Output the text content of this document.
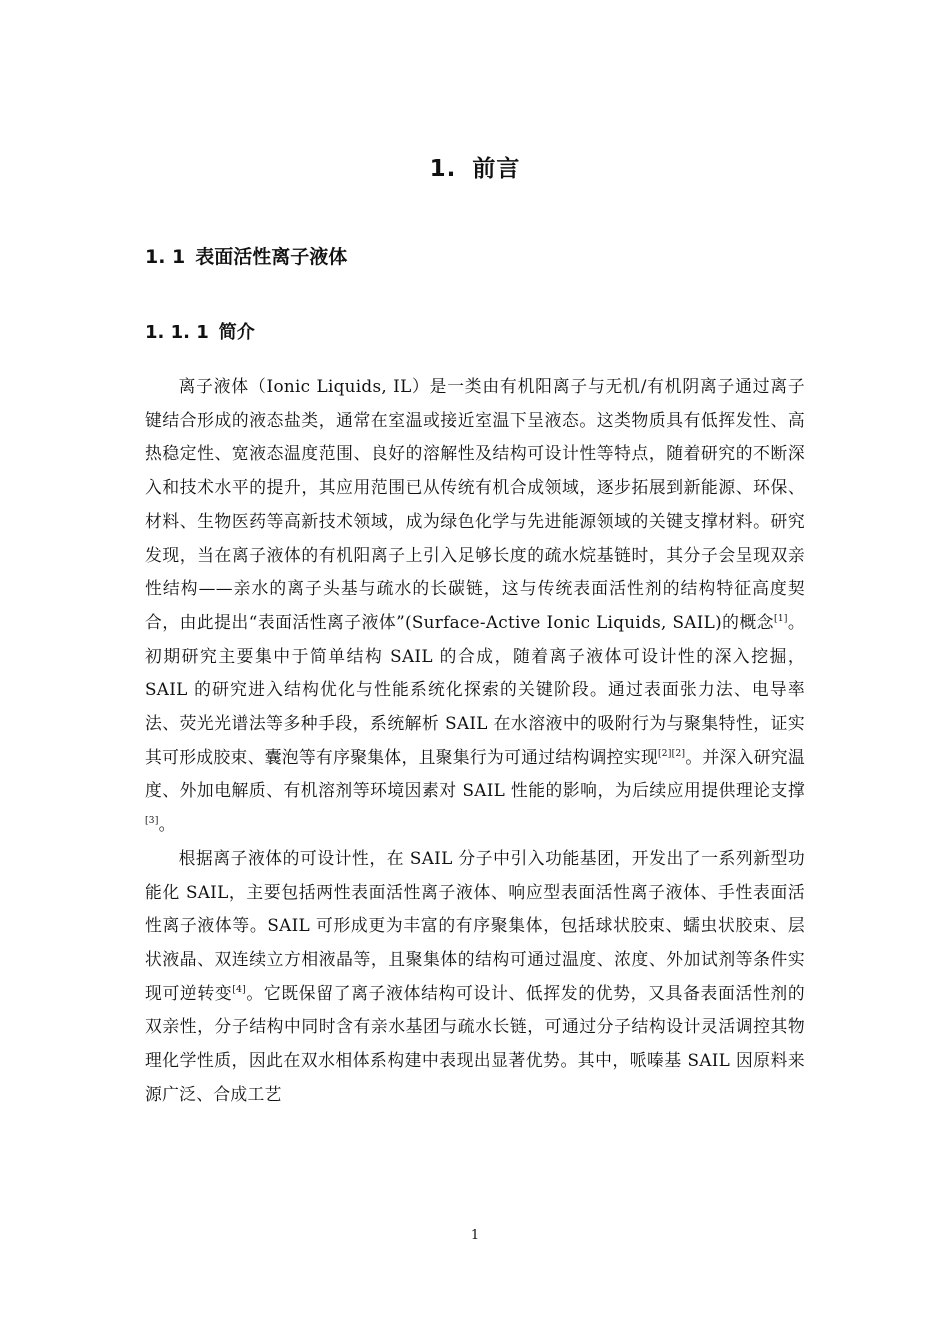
1. 前言
1. 1 表面活性离子液体
1. 1. 1 简介

离子液体（Ionic Liquids, IL）是一类由有机阳离子与无机/有机阴离子通过离子键结合形成的液态盐类，通常在室温或接近室温下呈液态。这类物质具有低挥发性、高热稳定性、宽液态温度范围、良好的溶解性及结构可设计性等特点，随着研究的不断深入和技术水平的提升，其应用范围已从传统有机合成领域，逐步拓展到新能源、环保、材料、生物医药等高新技术领域，成为绿色化学与先进能源领域的关键支撑材料。研究发现，当在离子液体的有机阳离子上引入足够长度的疏水烷基链时，其分子会呈现双亲性结构——亲水的离子头基与疏水的长碳链，这与传统表面活性剂的结构特征高度契合，由此提出“表面活性离子液体”(Surface-Active Ionic Liquids, SAIL)的概念[1]。初期研究主要集中于简单结构 SAIL 的合成，随着离子液体可设计性的深入挖掘，SAIL 的研究进入结构优化与性能系统化探索的关键阶段。通过表面张力法、电导率法、荧光光谱法等多种手段，系统解析 SAIL 在水溶液中的吸附行为与聚集特性，证实其可形成胶束、囊泡等有序聚集体，且聚集行为可通过结构调控实现[2][2]。并深入研究温度、外加电解质、有机溶剂等环境因素对 SAIL 性能的影响，为后续应用提供理论支撑[3]。

根据离子液体的可设计性，在 SAIL 分子中引入功能基团，开发出了一系列新型功能化 SAIL，主要包括两性表面活性离子液体、响应型表面活性离子液体、手性表面活性离子液体等。SAIL 可形成更为丰富的有序聚集体，包括球状胶束、蠕虫状胶束、层状液晶、双连续立方相液晶等，且聚集体的结构可通过温度、浓度、外加试剂等条件实现可逆转变[4]。它既保留了离子液体结构可设计、低挥发的优势，又具备表面活性剂的双亲性，分子结构中同时含有亲水基团与疏水长链，可通过分子结构设计灵活调控其物理化学性质，因此在双水相体系构建中表现出显著优势。其中，哌嗪基 SAIL 因原料来源广泛、合成工艺

1
